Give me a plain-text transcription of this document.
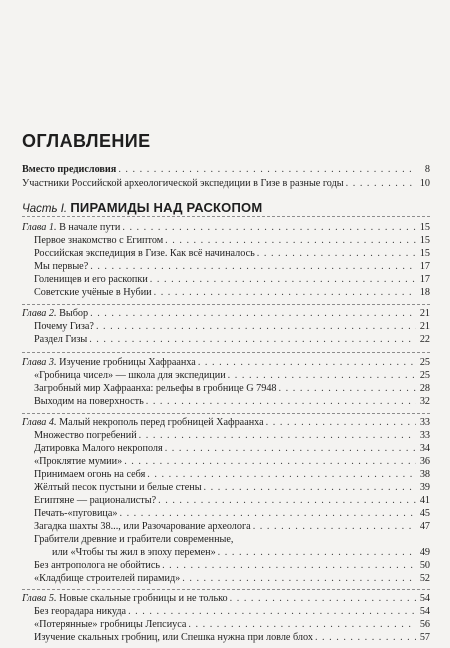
ОГЛАВЛЕНИЕ
Вместо предисловия . . .	8
Участники Российской археологической экспедиции в Гизе в разные годы . . .	10
Часть I. ПИРАМИДЫ НАД РАСКОПОМ
Глава 1. В начале пути . . .	15
Первое знакомство с Египтом . . .	15
Российская экспедиция в Гизе. Как всё начиналось . . .	15
Мы первые? . . .	17
Голенищев и его раскопки . . .	17
Советские учёные в Нубии . . .	18
Глава 2. Выбор . . .	21
Почему Гиза? . . .	21
Раздел Гизы . . .	22
Глава 3. Изучение гробницы Хафраанха . . .	25
«Гробница чисел» — школа для экспедиции . . .	25
Загробный мир Хафраанха: рельефы в гробнице G 7948 . . .	28
Выходим на поверхность . . .	32
Глава 4. Малый некрополь перед гробницей Хафраанха . . .	33
Множество погребений . . .	33
Датировка Малого некрополя . . .	34
«Проклятие мумии» . . .	36
Принимаем огонь на себя . . .	38
Жёлтый песок пустыни и белые стены . . .	39
Египтяне — рационалисты? . . .	41
Печать-«пуговица» . . .	45
Загадка шахты 38..., или Разочарование археолога . . .	47
Грабители древние и грабители современные,
или «Чтобы ты жил в эпоху перемен» . . .	49
Без антрополога не обойтись . . .	50
«Кладбище строителей пирамид» . . .	52
Глава 5. Новые скальные гробницы и не только . . .	54
Без георадара никуда . . .	54
«Потерянные» гробницы Лепсиуса . . .	56
Изучение скальных гробниц, или Спешка нужна при ловле блох . . .	57
